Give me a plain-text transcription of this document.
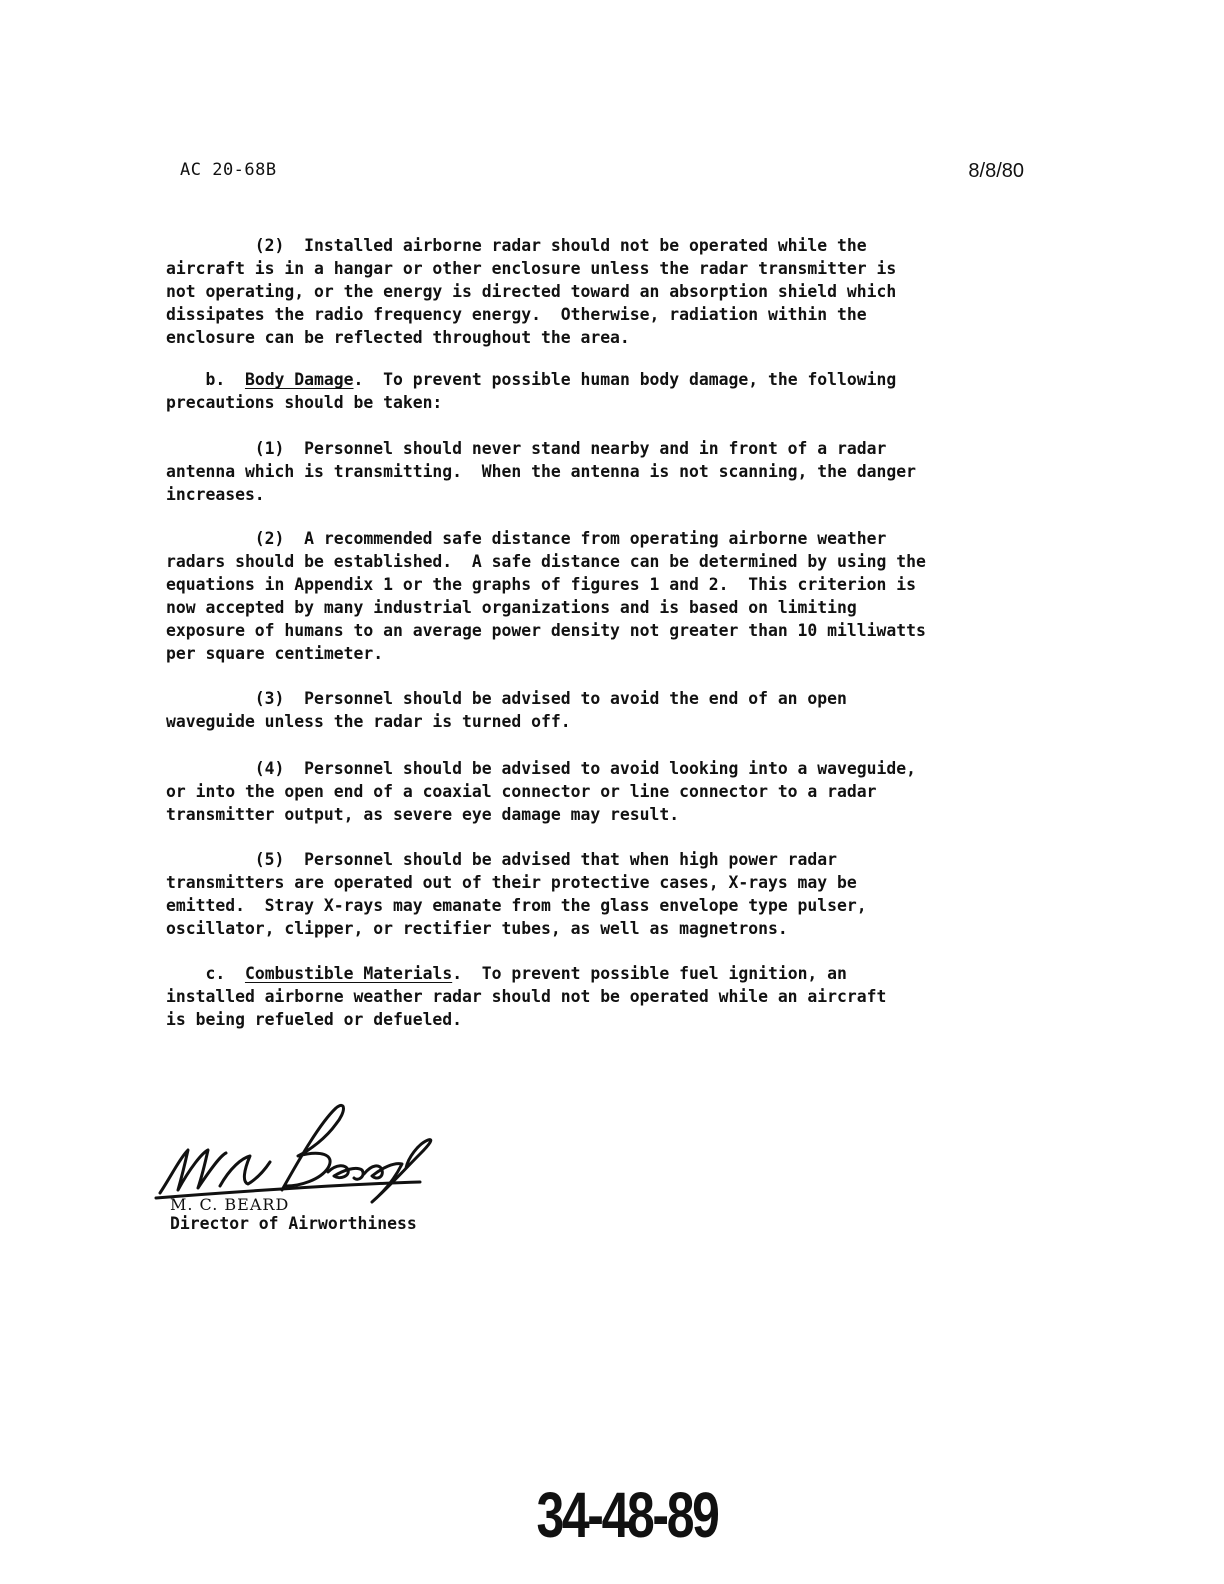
AC 20-68B	8/8/80

(2)  Installed airborne radar should not be operated while the
aircraft is in a hangar or other enclosure unless the radar transmitter is
not operating, or the energy is directed toward an absorption shield which
dissipates the radio frequency energy.  Otherwise, radiation within the
enclosure can be reflected throughout the area.

b.  Body Damage.  To prevent possible human body damage, the following
precautions should be taken:

(1)  Personnel should never stand nearby and in front of a radar
antenna which is transmitting.  When the antenna is not scanning, the danger
increases.

(2)  A recommended safe distance from operating airborne weather
radars should be established.  A safe distance can be determined by using the
equations in Appendix 1 or the graphs of figures 1 and 2.  This criterion is
now accepted by many industrial organizations and is based on limiting
exposure of humans to an average power density not greater than 10 milliwatts
per square centimeter.

(3)  Personnel should be advised to avoid the end of an open
waveguide unless the radar is turned off.

(4)  Personnel should be advised to avoid looking into a waveguide,
or into the open end of a coaxial connector or line connector to a radar
transmitter output, as severe eye damage may result.

(5)  Personnel should be advised that when high power radar
transmitters are operated out of their protective cases, X-rays may be
emitted.  Stray X-rays may emanate from the glass envelope type pulser,
oscillator, clipper, or rectifier tubes, as well as magnetrons.

c.  Combustible Materials.  To prevent possible fuel ignition, an
installed airborne weather radar should not be operated while an aircraft
is being refueled or defueled.

M. C. BEARD
Director of Airworthiness
34-48-89
